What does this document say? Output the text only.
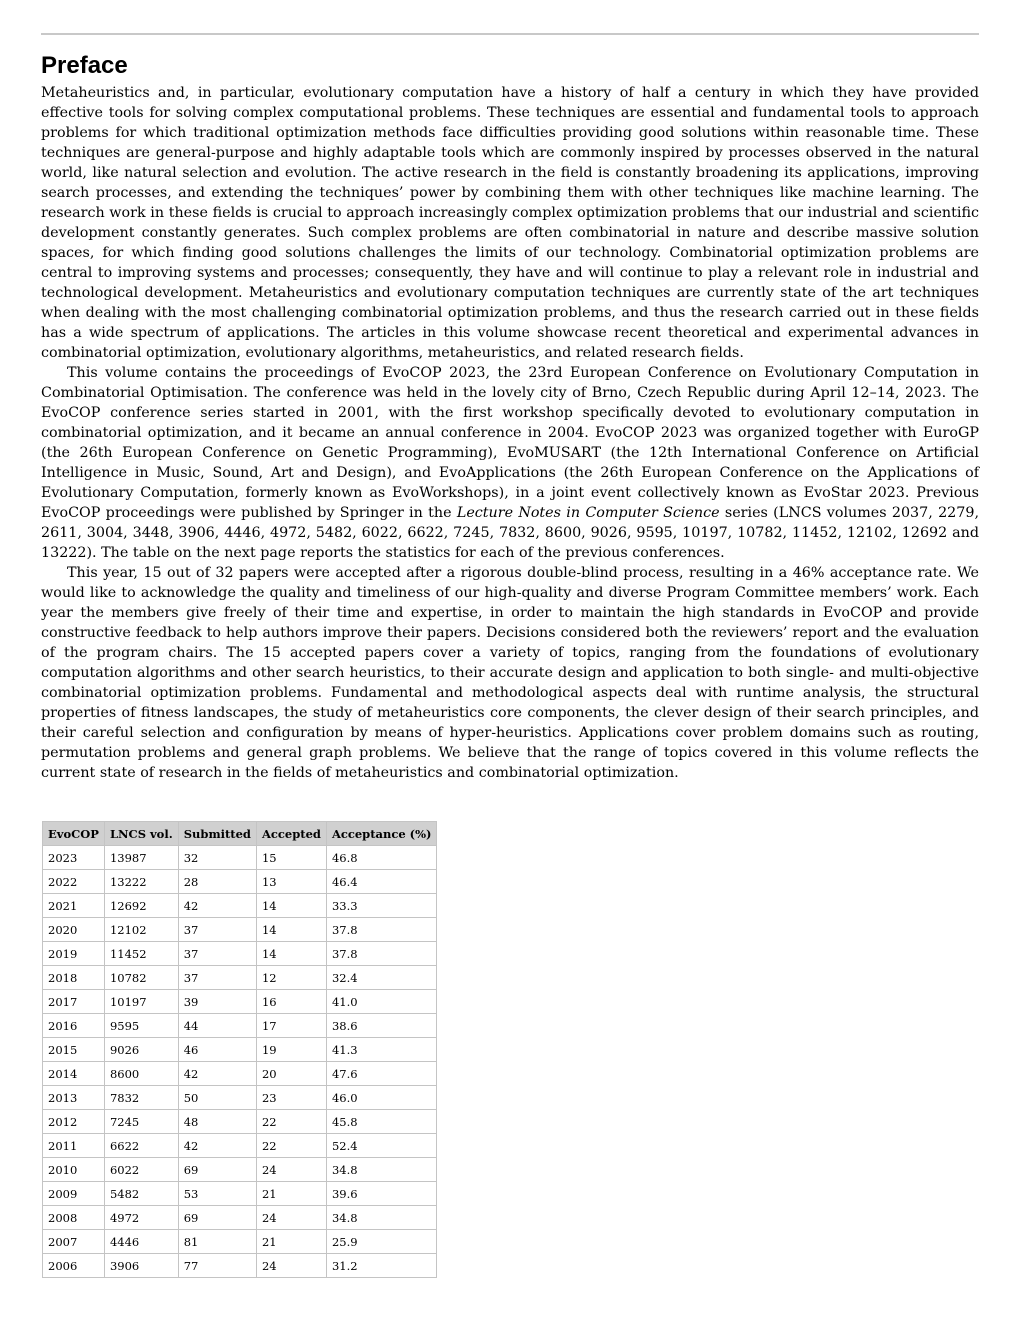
Preface

Metaheuristics and, in particular, evolutionary computation have a history of half a century in which they have provided effective tools for solving complex computational problems. These techniques are essential and fundamental tools to approach problems for which traditional optimization methods face difficulties providing good solutions within reasonable time. These techniques are general-purpose and highly adaptable tools which are commonly inspired by processes observed in the natural world, like natural selection and evolution. The active research in the field is constantly broadening its applications, improving search processes, and extending the techniques’ power by combining them with other techniques like machine learning. The research work in these fields is crucial to approach increasingly complex optimization problems that our industrial and scientific development constantly generates. Such complex problems are often combinatorial in nature and describe massive solution spaces, for which finding good solutions challenges the limits of our technology. Combinatorial optimization problems are central to improving systems and processes; consequently, they have and will continue to play a relevant role in industrial and technological development. Metaheuristics and evolutionary computation techniques are currently state of the art techniques when dealing with the most challenging combinatorial optimization problems, and thus the research carried out in these fields has a wide spectrum of applications. The articles in this volume showcase recent theoretical and experimental advances in combinatorial optimization, evolutionary algorithms, metaheuristics, and related research fields.

This volume contains the proceedings of EvoCOP 2023, the 23rd European Conference on Evolutionary Computation in Combinatorial Optimisation. The conference was held in the lovely city of Brno, Czech Republic during April 12–14, 2023. The EvoCOP conference series started in 2001, with the first workshop specifically devoted to evolutionary computation in combinatorial optimization, and it became an annual conference in 2004. EvoCOP 2023 was organized together with EuroGP (the 26th European Conference on Genetic Programming), EvoMUSART (the 12th International Conference on Artificial Intelligence in Music, Sound, Art and Design), and EvoApplications (the 26th European Conference on the Applications of Evolutionary Computation, formerly known as EvoWorkshops), in a joint event collectively known as EvoStar 2023. Previous EvoCOP proceedings were published by Springer in the Lecture Notes in Computer Science series (LNCS volumes 2037, 2279, 2611, 3004, 3448, 3906, 4446, 4972, 5482, 6022, 6622, 7245, 7832, 8600, 9026, 9595, 10197, 10782, 11452, 12102, 12692 and 13222). The table on the next page reports the statistics for each of the previous conferences.

This year, 15 out of 32 papers were accepted after a rigorous double-blind process, resulting in a 46% acceptance rate. We would like to acknowledge the quality and timeliness of our high-quality and diverse Program Committee members’ work. Each year the members give freely of their time and expertise, in order to maintain the high standards in EvoCOP and provide constructive feedback to help authors improve their papers. Decisions considered both the reviewers’ report and the evaluation of the program chairs. The 15 accepted papers cover a variety of topics, ranging from the foundations of evolutionary computation algorithms and other search heuristics, to their accurate design and application to both single- and multi-objective combinatorial optimization problems. Fundamental and methodological aspects deal with runtime analysis, the structural properties of fitness landscapes, the study of metaheuristics core components, the clever design of their search principles, and their careful selection and configuration by means of hyper-heuristics. Applications cover problem domains such as routing, permutation problems and general graph problems. We believe that the range of topics covered in this volume reflects the current state of research in the fields of metaheuristics and combinatorial optimization.

EvoCOP	LNCS vol.	Submitted	Accepted	Acceptance (%)
2023	13987	32	15	46.8
2022	13222	28	13	46.4
2021	12692	42	14	33.3
2020	12102	37	14	37.8
2019	11452	37	14	37.8
2018	10782	37	12	32.4
2017	10197	39	16	41.0
2016	9595	44	17	38.6
2015	9026	46	19	41.3
2014	8600	42	20	47.6
2013	7832	50	23	46.0
2012	7245	48	22	45.8
2011	6622	42	22	52.4
2010	6022	69	24	34.8
2009	5482	53	21	39.6
2008	4972	69	24	34.8
2007	4446	81	21	25.9
2006	3906	77	24	31.2
